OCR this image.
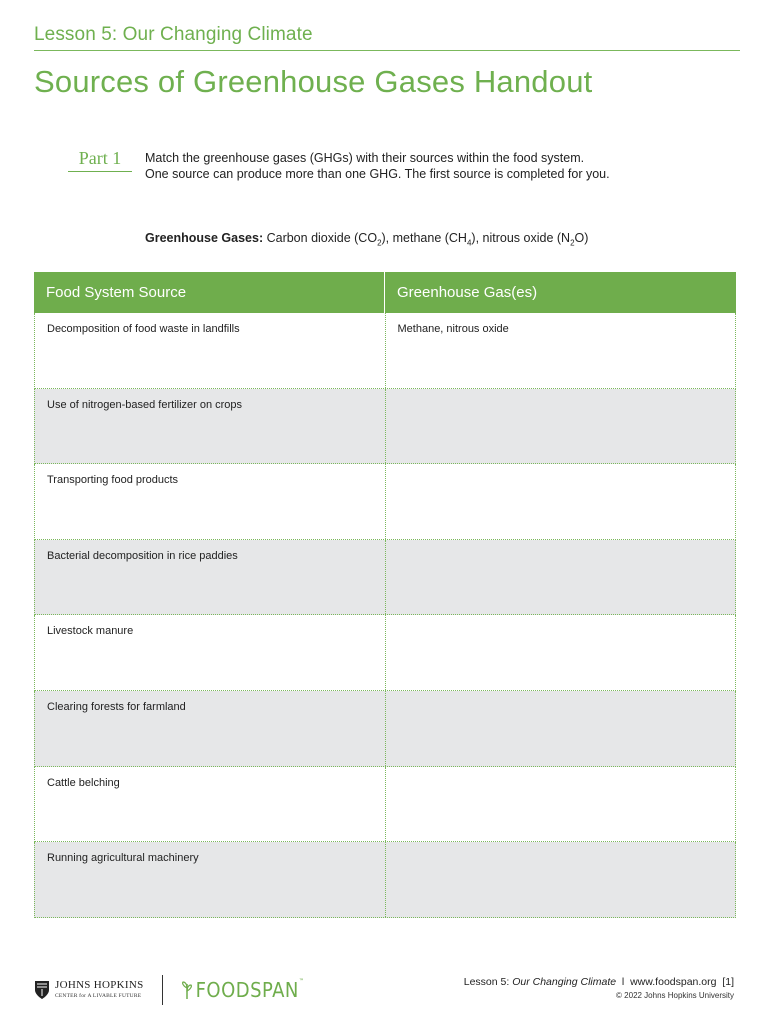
Lesson 5: Our Changing Climate
Sources of Greenhouse Gases Handout
Part 1	Match the greenhouse gases (GHGs) with their sources within the food system.
One source can produce more than one GHG. The first source is completed for you.
Greenhouse Gases: Carbon dioxide $(CO_2)$, methane $(CH_4)$, nitrous oxide $(N_2O)$
Food System Source	Greenhouse Gas(es)
Decomposition of food waste in landfills	Methane, nitrous oxide
Use of nitrogen-based fertilizer on crops
Transporting food products
Bacterial decomposition in rice paddies
Livestock manure
Clearing forests for farmland
Cattle belching
Running agricultural machinery
JOHNS HOPKINS
CENTER for A LIVABLE FUTURE	FOODSPAN™	Lesson 5: Our Changing Climate  l  www.foodspan.org  [1]
© 2022 Johns Hopkins University
